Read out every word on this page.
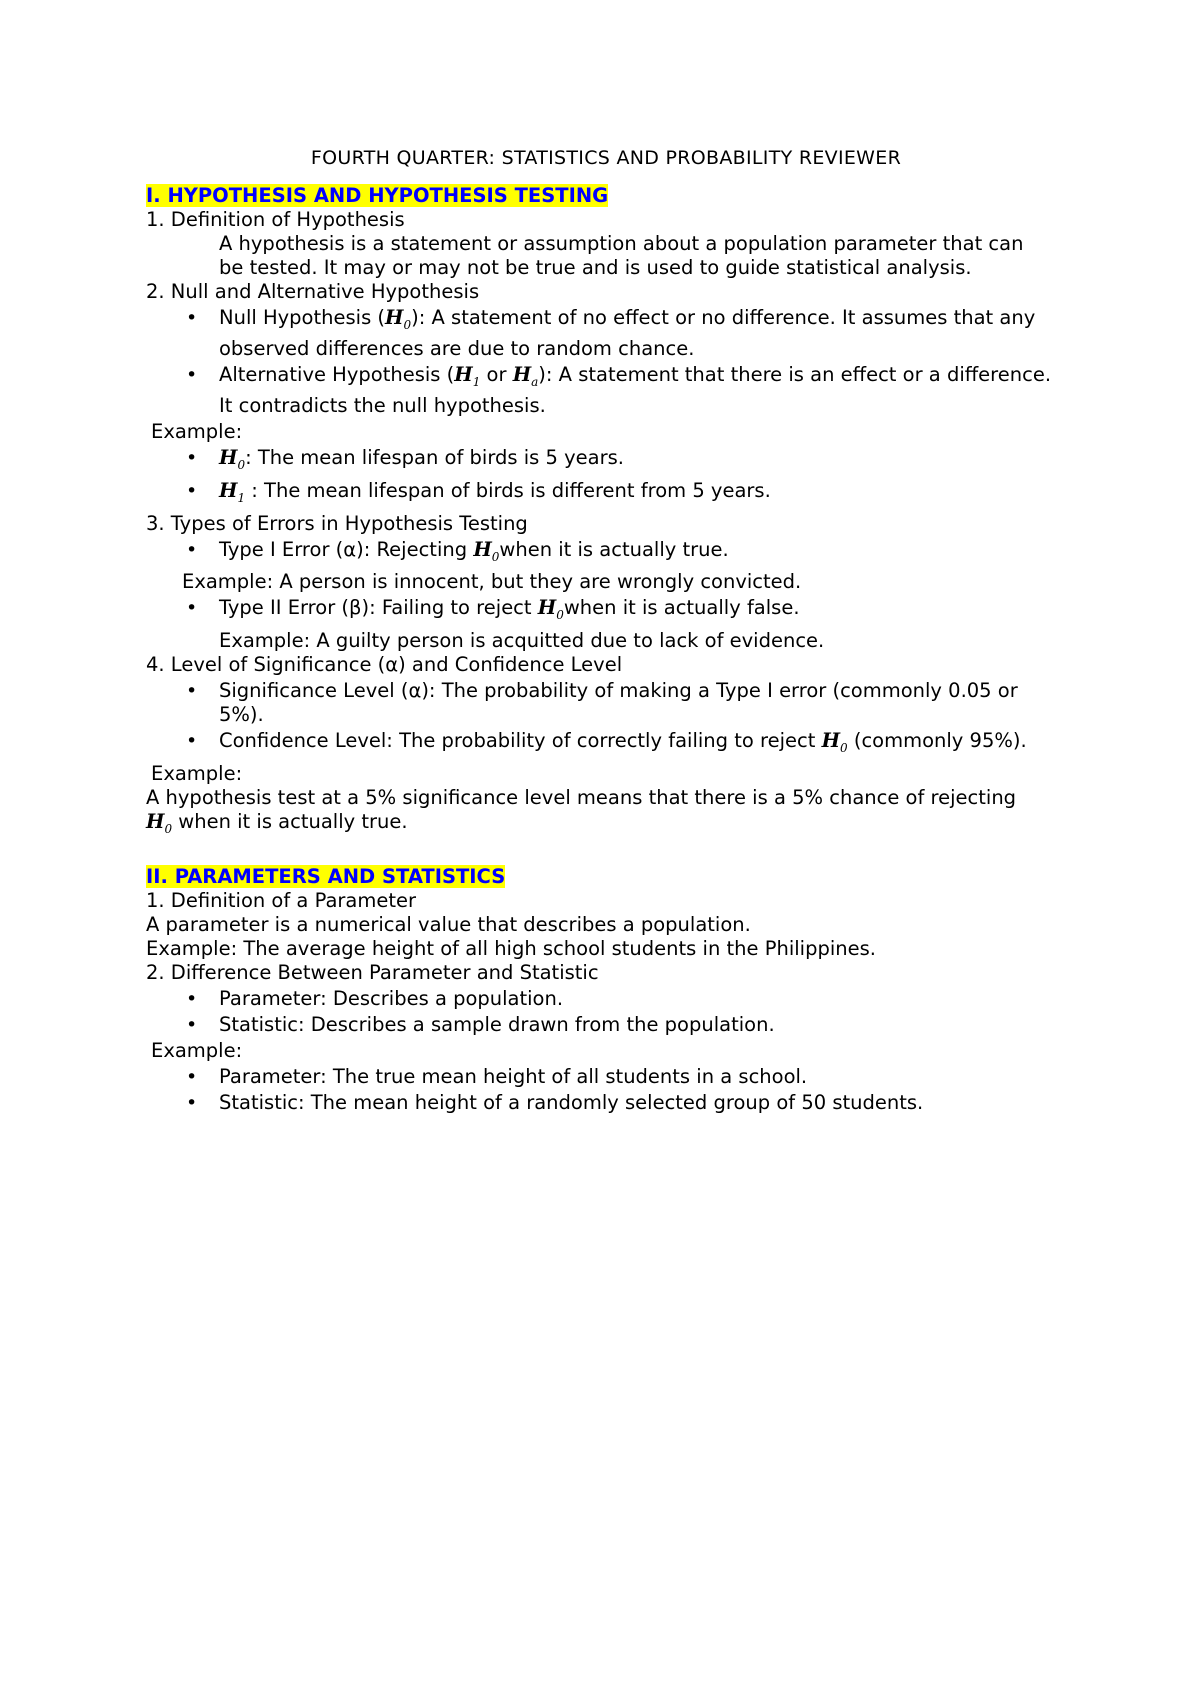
FOURTH QUARTER: STATISTICS AND PROBABILITY REVIEWER

I. HYPOTHESIS AND HYPOTHESIS TESTING

1. Definition of Hypothesis

A hypothesis is a statement or assumption about a population parameter that can

be tested. It may or may not be true and is used to guide statistical analysis.

2. Null and Alternative Hypothesis

• Null Hypothesis $(H_0)$: A statement of no effect or no difference. It assumes that any observed differences are due to random chance.
• Alternative Hypothesis ($H_1$ or $H_a$): A statement that there is an effect or a difference. It contradicts the null hypothesis.

Example:

• $H_0$: The mean lifespan of birds is 5 years.
• $H_1$ : The mean lifespan of birds is different from 5 years.

3. Types of Errors in Hypothesis Testing

• Type I Error (α): Rejecting $H_0when$ it is actually true.

Example: A person is innocent, but they are wrongly convicted.

• Type II Error (β): Failing to reject $H_0when$ it is actually false.

Example: A guilty person is acquitted due to lack of evidence.

4. Level of Significance (α) and Confidence Level

• Significance Level (α): The probability of making a Type I error (commonly 0.05 or 5%).
• Confidence Level: The probability of correctly failing to reject $H_0$ (commonly 95%).

Example:

A hypothesis test at a 5% significance level means that there is a 5% chance of rejecting

$H_0$ when it is actually true.

II. PARAMETERS AND STATISTICS

1. Definition of a Parameter

A parameter is a numerical value that describes a population.

Example: The average height of all high school students in the Philippines.

2. Difference Between Parameter and Statistic

• Parameter: Describes a population.
• Statistic: Describes a sample drawn from the population.

Example:

• Parameter: The true mean height of all students in a school.
• Statistic: The mean height of a randomly selected group of 50 students.
